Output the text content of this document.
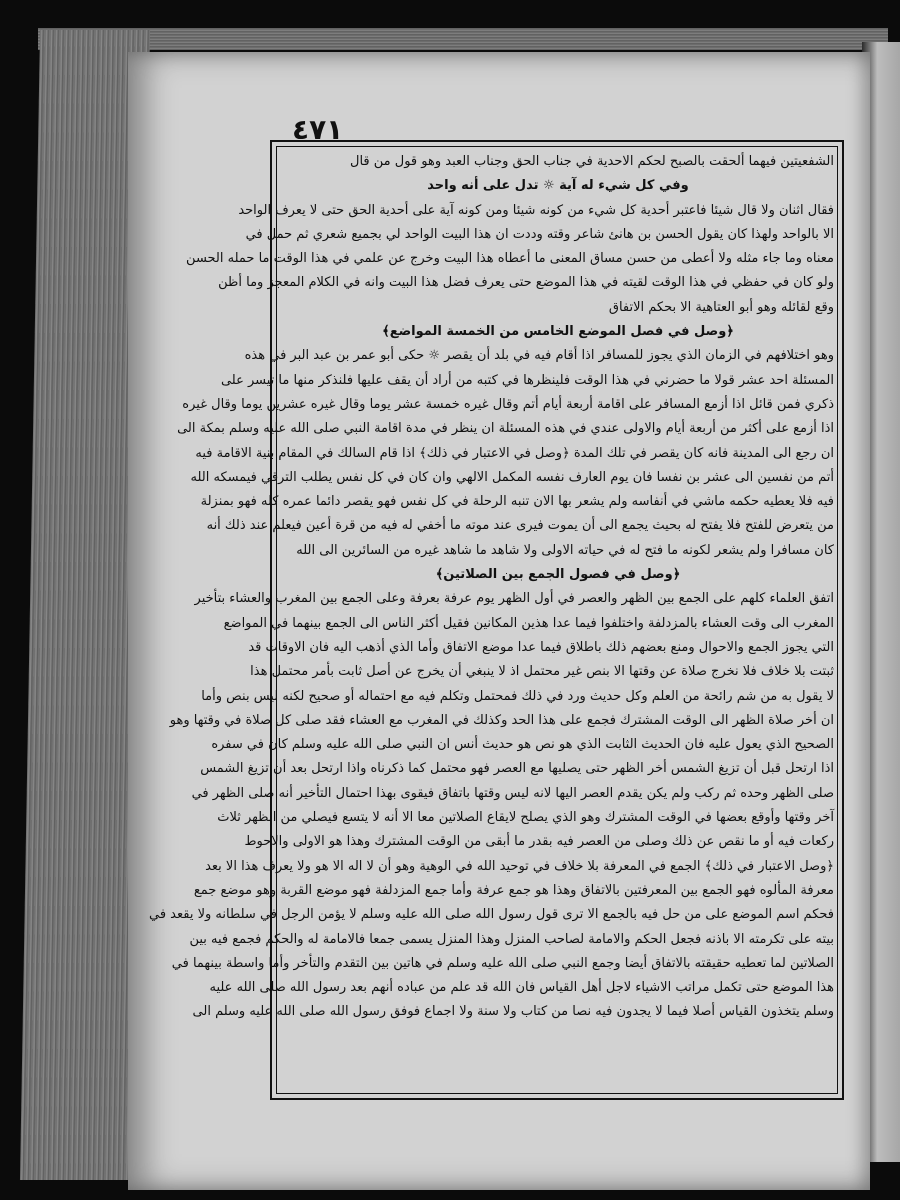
٤٧١
الشفعيتين فيهما ألحقت بالصبح لحكم الاحدية في جناب الحق وجناب العبد وهو قول من قال
وفي كل شيء له آية ☼ تدل على أنه واحد
فقال اثنان ولا قال شيئا فاعتبر أحدية كل شيء من كونه شيئا ومن كونه آية على أحدية الحق حتى لا يعرف الواحد
الا بالواحد ولهذا كان يقول الحسن بن هانئ شاعر وقته وددت ان هذا البيت الواحد لي بجميع شعري ثم حمل في
معناه وما جاء مثله ولا أعطى من حسن مساق المعنى ما أعطاه هذا البيت وخرج عن علمي في هذا الوقت ما حمله الحسن
ولو كان في حفظي في هذا الوقت لقيته في هذا الموضع حتى يعرف فضل هذا البيت وانه في الكلام المعجز وما أظن
وقع لقائله وهو أبو العتاهية الا بحكم الاتفاق
﴿وصل في فصل الموضع الخامس من الخمسة المواضع﴾
وهو اختلافهم في الزمان الذي يجوز للمسافر اذا أقام فيه في بلد أن يقصر ☼ حكى أبو عمر بن عبد البر في هذه
المسئلة احد عشر قولا ما حضرني في هذا الوقت فلينظرها في كتبه من أراد أن يقف عليها فلنذكر منها ما تيسر على
ذكري فمن قائل اذا أزمع المسافر على اقامة أربعة أيام أتم وقال غيره خمسة عشر يوما وقال غيره عشرين يوما وقال غيره
اذا أزمع على أكثر من أربعة أيام والاولى عندي في هذه المسئلة ان ينظر في مدة اقامة النبي صلى الله عليه وسلم بمكة الى
ان رجع الى المدينة فانه كان يقصر في تلك المدة ﴿وصل في الاعتبار في ذلك﴾ اذا قام السالك في المقام بنية الاقامة فيه
أتم من نفسين الى عشر بن نفسا فان يوم العارف نفسه المكمل الالهي وان كان في كل نفس يطلب الترقي فيمسكه الله
فيه فلا يعطيه حكمه ماشي في أنفاسه ولم يشعر بها الان تنبه الرحلة في كل نفس فهو يقصر دائما عمره كله فهو بمنزلة
من يتعرض للفتح فلا يفتح له بحيث يجمع الى أن يموت فيرى عند موته ما أخفي له فيه من قرة أعين فيعلم عند ذلك أنه
كان مسافرا ولم يشعر لكونه ما فتح له في حياته الاولى ولا شاهد ما شاهد غيره من السائرين الى الله
﴿وصل في فصول الجمع بين الصلاتين﴾
اتفق العلماء كلهم على الجمع بين الظهر والعصر في أول الظهر يوم عرفة بعرفة وعلى الجمع بين المغرب والعشاء بتأخير
المغرب الى وقت العشاء بالمزدلفة واختلفوا فيما عدا هذين المكانين فقيل أكثر الناس الى الجمع بينهما في المواضع
التي يجوز الجمع والاحوال ومنع بعضهم ذلك باطلاق فيما عدا موضع الاتفاق وأما الذي أذهب اليه فان الاوقات قد
ثبتت بلا خلاف فلا نخرج صلاة عن وقتها الا بنص غير محتمل اذ لا ينبغي أن يخرج عن أصل ثابت بأمر محتمل هذا
لا يقول به من شم رائحة من العلم وكل حديث ورد في ذلك فمحتمل وتكلم فيه مع احتماله أو صحيح لكنه ليس بنص وأما
ان أخر صلاة الظهر الى الوقت المشترك فجمع على هذا الحد وكذلك في المغرب مع العشاء فقد صلى كل صلاة في وقتها وهو
الصحيح الذي يعول عليه فان الحديث الثابت الذي هو نص هو حديث أنس ان النبي صلى الله عليه وسلم كان في سفره
اذا ارتحل قبل أن تزيغ الشمس أخر الظهر حتى يصليها مع العصر فهو محتمل كما ذكرناه واذا ارتحل بعد أن تزيغ الشمس
صلى الظهر وحده ثم ركب ولم يكن يقدم العصر اليها لانه ليس وقتها باتفاق فيقوى بهذا احتمال التأخير أنه صلى الظهر في
آخر وقتها وأوقع بعضها في الوقت المشترك وهو الذي يصلح لايقاع الصلاتين معا الا أنه لا يتسع فيصلي من الظهر ثلاث
ركعات فيه أو ما نقص عن ذلك وصلى من العصر فيه بقدر ما أبقى من الوقت المشترك وهذا هو الاولى والاحوط
﴿وصل الاعتبار في ذلك﴾ الجمع في المعرفة بلا خلاف في توحيد الله في الوهية وهو أن لا اله الا هو ولا يعرف هذا الا بعد
معرفة المألوه فهو الجمع بين المعرفتين بالاتفاق وهذا هو جمع عرفة وأما جمع المزدلفة فهو موضع القربة وهو موضع جمع
فحكم اسم الموضع على من حل فيه بالجمع الا ترى قول رسول الله صلى الله عليه وسلم لا يؤمن الرجل في سلطانه ولا يقعد في
بيته على تكرمته الا باذنه فجعل الحكم والامامة لصاحب المنزل وهذا المنزل يسمى جمعا فالامامة له والحكم فجمع فيه بين
الصلاتين لما تعطيه حقيقته بالاتفاق أيضا وجمع النبي صلى الله عليه وسلم في هاتين بين التقدم والتأخر وأما واسطة بينهما في
هذا الموضع حتى تكمل مراتب الاشياء لاجل أهل القياس فان الله قد علم من عباده أنهم بعد رسول الله صلى الله عليه
وسلم يتخذون القياس أصلا فيما لا يجدون فيه نصا من كتاب ولا سنة ولا اجماع فوفق رسول الله صلى الله عليه وسلم الى
